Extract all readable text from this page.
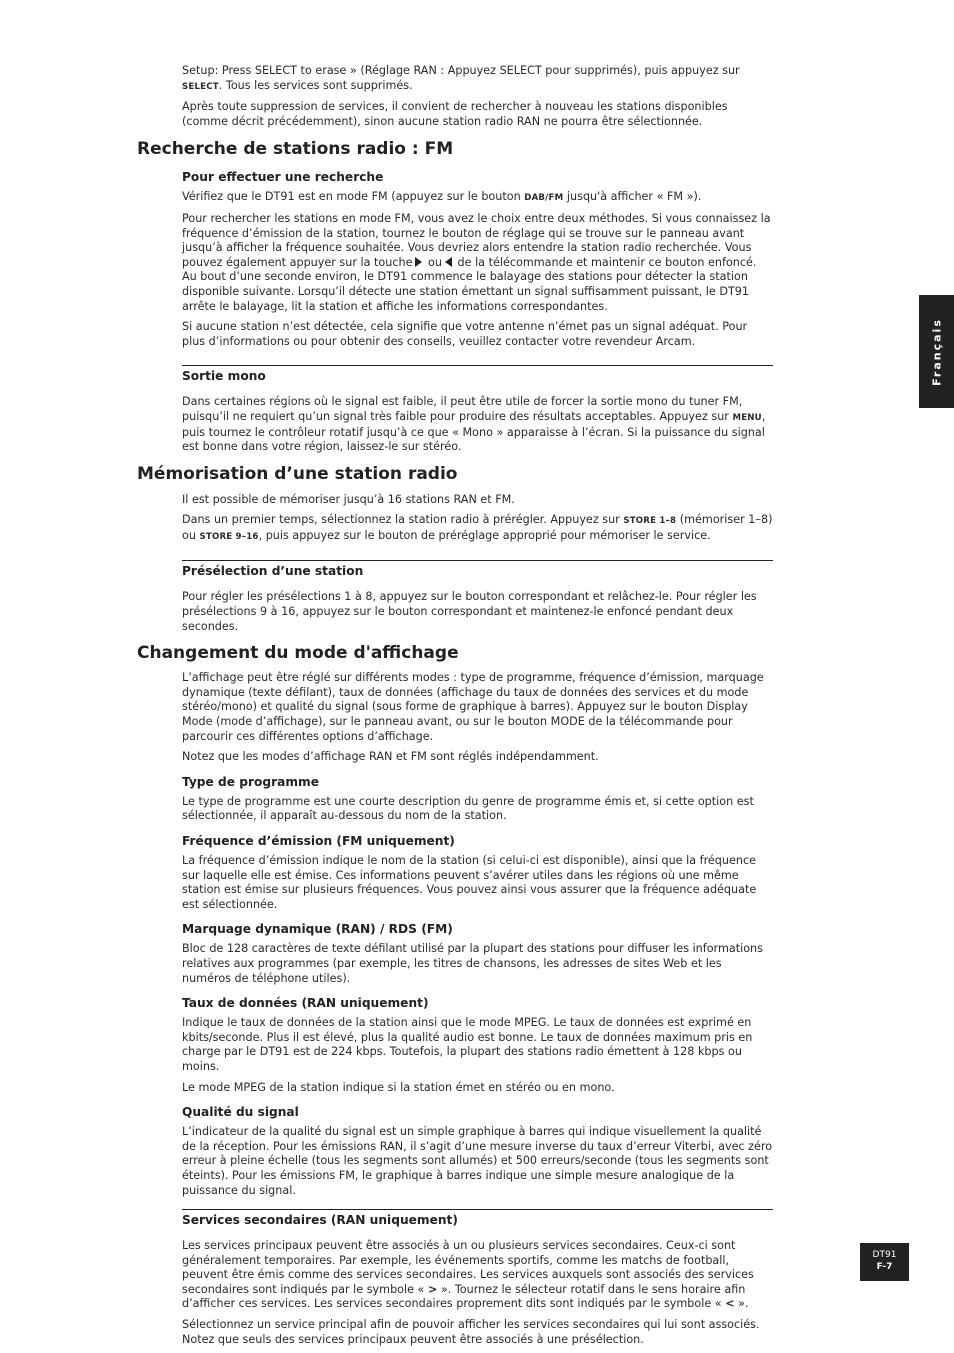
Setup: Press SELECT to erase » (Réglage RAN : Appuyez SELECT pour supprimés), puis appuyez sur SELECT. Tous les services sont supprimés.

Après toute suppression de services, il convient de rechercher à nouveau les stations disponibles (comme décrit précédemment), sinon aucune station radio RAN ne pourra être sélectionnée.

Recherche de stations radio : FM
Pour effectuer une recherche

Vérifiez que le DT91 est en mode FM (appuyez sur le bouton DAB/FM jusqu'à afficher « FM »).

Pour rechercher les stations en mode FM, vous avez le choix entre deux méthodes. Si vous connaissez la fréquence d’émission de la station, tournez le bouton de réglage qui se trouve sur le panneau avant jusqu’à afficher la fréquence souhaitée. Vous devriez alors entendre la station radio recherchée. Vous pouvez également appuyer sur la touche ou de la télécommande et maintenir ce bouton enfoncé. Au bout d’une seconde environ, le DT91 commence le balayage des stations pour détecter la station disponible suivante. Lorsqu’il détecte une station émettant un signal suffisamment puissant, le DT91 arrête le balayage, lit la station et affiche les informations correspondantes.

Si aucune station n’est détectée, cela signifie que votre antenne n’émet pas un signal adéquat. Pour plus d’informations ou pour obtenir des conseils, veuillez contacter votre revendeur Arcam.

Sortie mono

Dans certaines régions où le signal est faible, il peut être utile de forcer la sortie mono du tuner FM, puisqu’il ne requiert qu’un signal très faible pour produire des résultats acceptables. Appuyez sur MENU, puis tournez le contrôleur rotatif jusqu’à ce que « Mono » apparaisse à l’écran. Si la puissance du signal est bonne dans votre région, laissez-le sur stéréo.

Mémorisation d’une station radio

Il est possible de mémoriser jusqu’à 16 stations RAN et FM.

Dans un premier temps, sélectionnez la station radio à prérégler. Appuyez sur STORE 1–8 (mémoriser 1–8) ou STORE 9–16, puis appuyez sur le bouton de préréglage approprié pour mémoriser le service.

Présélection d’une station

Pour régler les présélections 1 à 8, appuyez sur le bouton correspondant et relâchez-le. Pour régler les présélections 9 à 16, appuyez sur le bouton correspondant et maintenez-le enfoncé pendant deux secondes.

Changement du mode d'affichage

L’affichage peut être réglé sur différents modes : type de programme, fréquence d’émission, marquage dynamique (texte défilant), taux de données (affichage du taux de données des services et du mode stéréo/mono) et qualité du signal (sous forme de graphique à barres). Appuyez sur le bouton Display Mode (mode d’affichage), sur le panneau avant, ou sur le bouton MODE de la télécommande pour parcourir ces différentes options d’affichage.

Notez que les modes d’affichage RAN et FM sont réglés indépendamment.

Type de programme

Le type de programme est une courte description du genre de programme émis et, si cette option est sélectionnée, il apparaît au-dessous du nom de la station.

Fréquence d’émission (FM uniquement)

La fréquence d’émission indique le nom de la station (si celui-ci est disponible), ainsi que la fréquence sur laquelle elle est émise. Ces informations peuvent s’avérer utiles dans les régions où une même station est émise sur plusieurs fréquences. Vous pouvez ainsi vous assurer que la fréquence adéquate est sélectionnée.

Marquage dynamique (RAN) / RDS (FM)

Bloc de 128 caractères de texte défilant utilisé par la plupart des stations pour diffuser les informations relatives aux programmes (par exemple, les titres de chansons, les adresses de sites Web et les numéros de téléphone utiles).

Taux de données (RAN uniquement)

Indique le taux de données de la station ainsi que le mode MPEG. Le taux de données est exprimé en kbits/seconde. Plus il est élevé, plus la qualité audio est bonne. Le taux de données maximum pris en charge par le DT91 est de 224 kbps. Toutefois, la plupart des stations radio émettent à 128 kbps ou moins.

Le mode MPEG de la station indique si la station émet en stéréo ou en mono.

Qualité du signal

L’indicateur de la qualité du signal est un simple graphique à barres qui indique visuellement la qualité de la réception. Pour les émissions RAN, il s’agit d’une mesure inverse du taux d’erreur Viterbi, avec zéro erreur à pleine échelle (tous les segments sont allumés) et 500 erreurs/seconde (tous les segments sont éteints). Pour les émissions FM, le graphique à barres indique une simple mesure analogique de la puissance du signal.

Services secondaires (RAN uniquement)

Les services principaux peuvent être associés à un ou plusieurs services secondaires. Ceux-ci sont généralement temporaires. Par exemple, les événements sportifs, comme les matchs de football, peuvent être émis comme des services secondaires. Les services auxquels sont associés des services secondaires sont indiqués par le symbole « > ». Tournez le sélecteur rotatif dans le sens horaire afin d’afficher ces services. Les services secondaires proprement dits sont indiqués par le symbole « < ».

Sélectionnez un service principal afin de pouvoir afficher les services secondaires qui lui sont associés. Notez que seuls des services principaux peuvent être associés à une présélection.

Français
DT91
F-7
